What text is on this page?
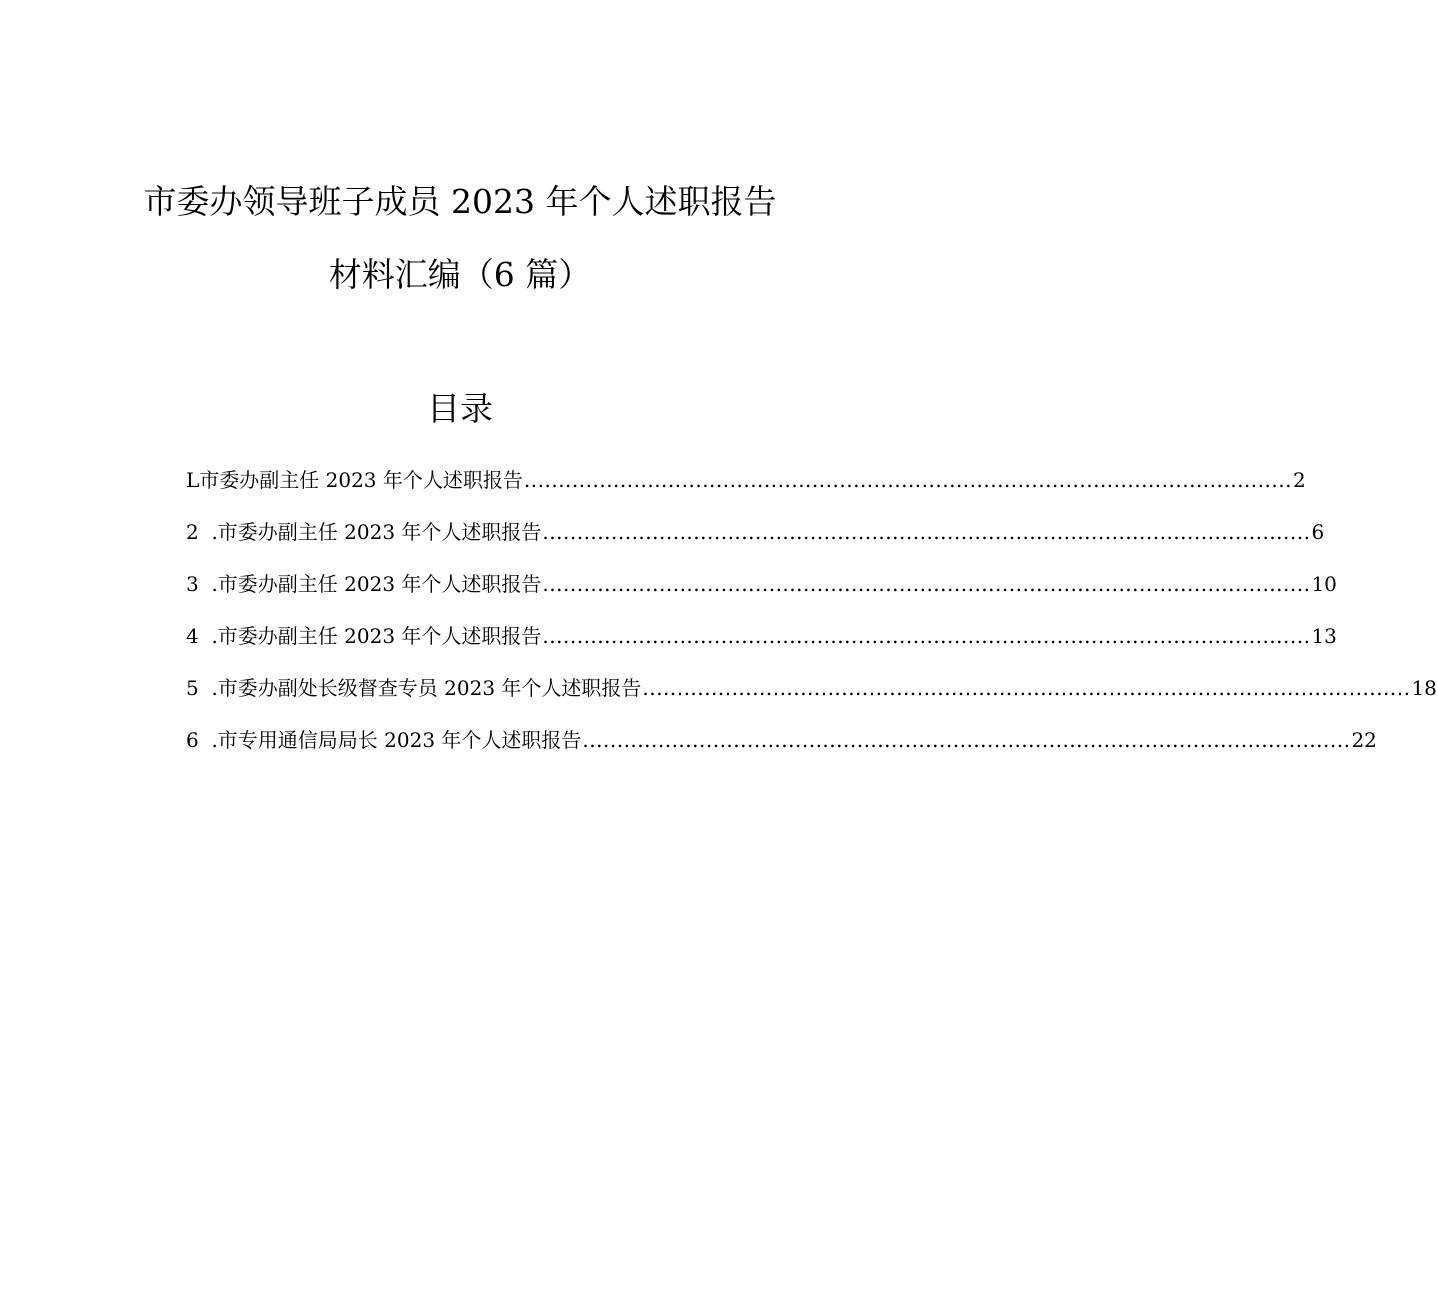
市委办领导班子成员 2023 年个人述职报告
材料汇编（6 篇）
目录
L 市委办副主任 2023 年个人述职报告 ................................................................................................................ 2
2  . 市委办副主任 2023 年个人述职报告 ................................................................................................................ 6
3  . 市委办副主任 2023 年个人述职报告 ................................................................................................................ 10
4  . 市委办副主任 2023 年个人述职报告 ................................................................................................................ 13
5  . 市委办副处长级督查专员 2023 年个人述职报告 ................................................................................................................ 18
6  . 市专用通信局局长 2023 年个人述职报告 ................................................................................................................ 22
